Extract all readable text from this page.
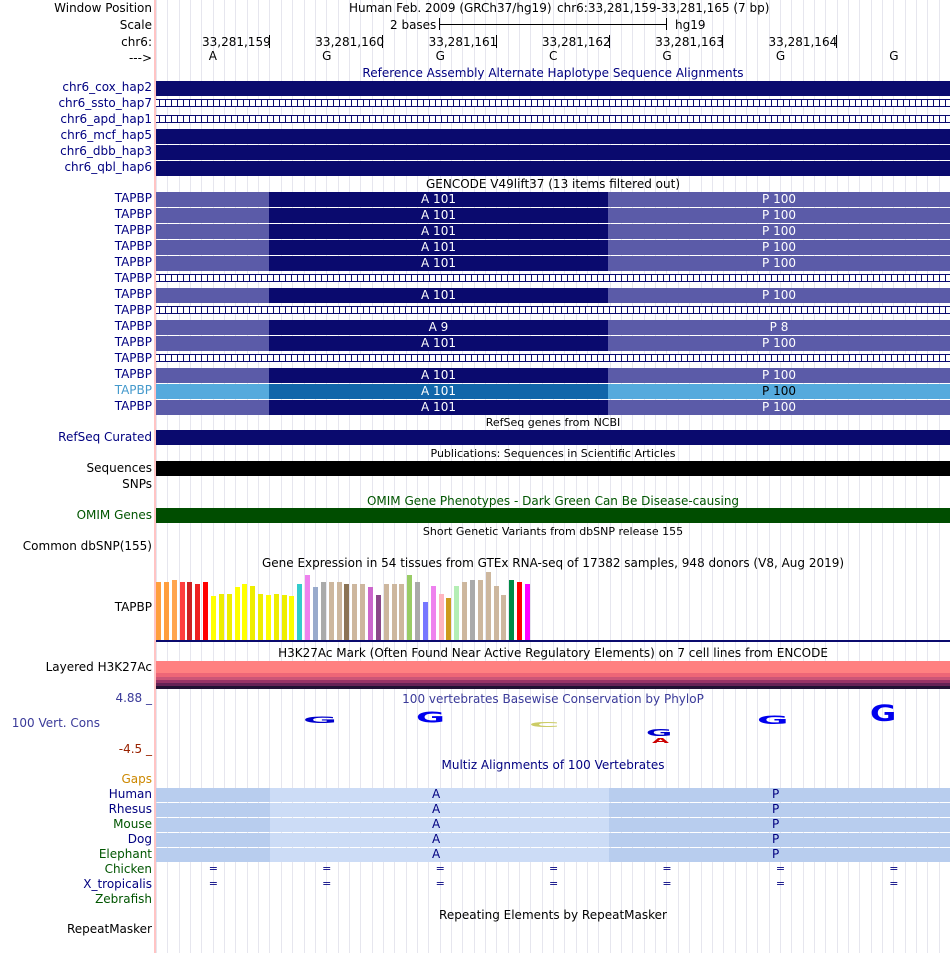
Window Position
Scale
chr6:
--->
Human Feb. 2009 (GRCh37/hg19) chr6:33,281,159-33,281,165 (7 bp)
2 bases	hg19
33,281,159	33,281,160	33,281,161	33,281,162	33,281,163	33,281,164
A	G	G	C	G	G	G
Reference Assembly Alternate Haplotype Sequence Alignments
chr6_cox_hap2
chr6_ssto_hap7
chr6_apd_hap1
chr6_mcf_hap5
chr6_dbb_hap3
chr6_qbl_hap6
GENCODE V49lift37 (13 items filtered out)
TAPBP	A 101	P 100
TAPBP	A 101	P 100
TAPBP	A 101	P 100
TAPBP	A 101	P 100
TAPBP	A 101	P 100
TAPBP
TAPBP	A 101	P 100
TAPBP
TAPBP	A 9	P 8
TAPBP	A 101	P 100
TAPBP
TAPBP	A 101	P 100
TAPBP	A 101	P 100
TAPBP	A 101	P 100
RefSeq genes from NCBI
RefSeq Curated
Publications: Sequences in Scientific Articles
Sequences
SNPs
OMIM Gene Phenotypes - Dark Green Can Be Disease-causing
OMIM Genes
Short Genetic Variants from dbSNP release 155
Common dbSNP(155)
Gene Expression in 54 tissues from GTEx RNA-seq of 17382 samples, 948 donors (V8, Aug 2019)
TAPBP
H3K27Ac Mark (Often Found Near Active Regulatory Elements) on 7 cell lines from ENCODE
Layered H3K27Ac
100 vertebrates Basewise Conservation by PhyloP
4.88 _
100 Vert. Cons
-4.5 _
G	G	C
G
G	G
A
Multiz Alignments of 100 Vertebrates
Gaps
Human	A	P
Rhesus	A	P
Mouse	A	P
Dog	A	P
Elephant	A	P
Chicken	=	=	=	=	=	=	=
X_tropicalis	=	=	=	=	=	=	=
Zebrafish
Repeating Elements by RepeatMasker
RepeatMasker
